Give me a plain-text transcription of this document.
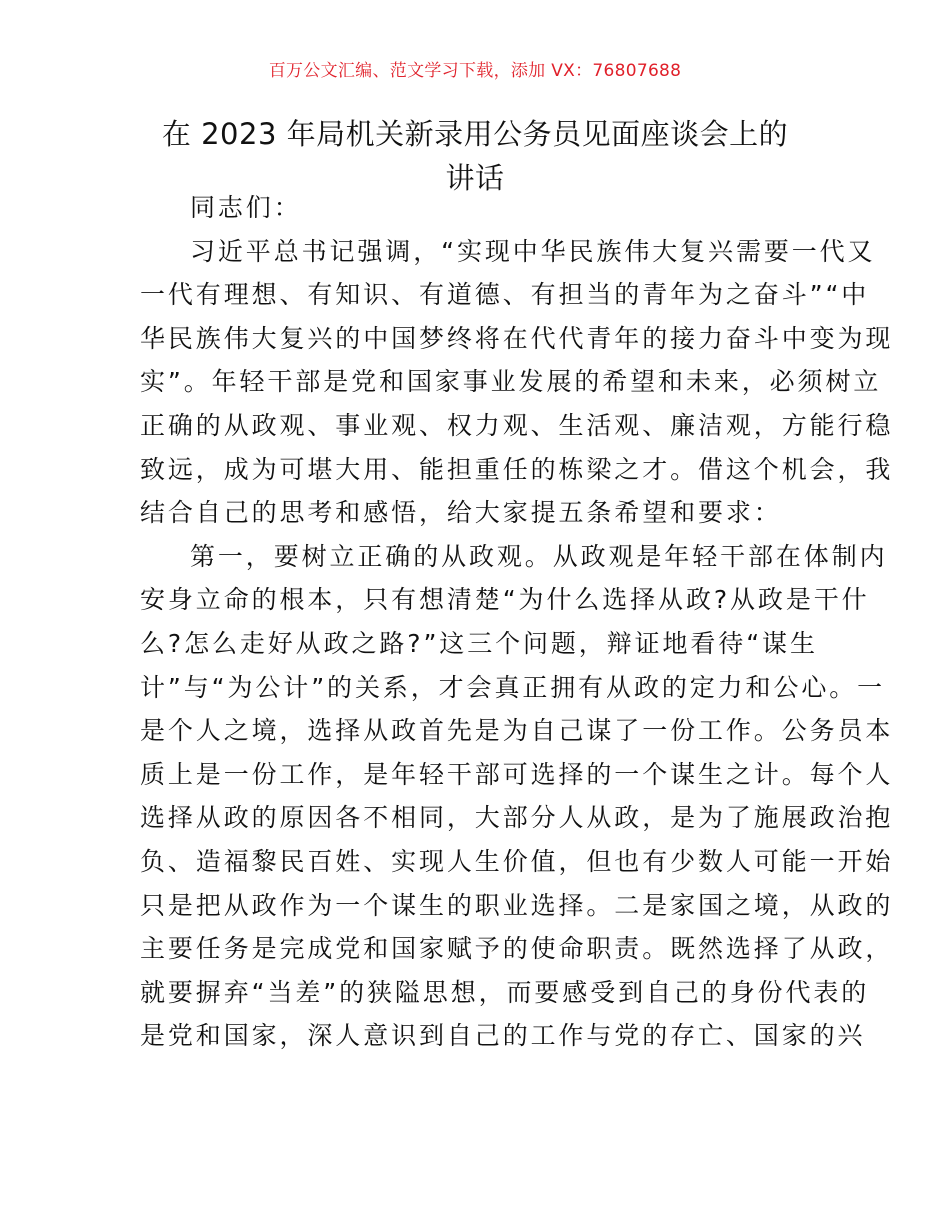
百万公文汇编、范文学习下载，添加 VX：76807688
在 2023 年局机关新录用公务员见面座谈会上的
讲话
同志们：
习近平总书记强调，“实现中华民族伟大复兴需要一代又
一代有理想、有知识、有道德、有担当的青年为之奋斗”“中
华民族伟大复兴的中国梦终将在代代青年的接力奋斗中变为现
实”。年轻干部是党和国家事业发展的希望和未来，必须树立
正确的从政观、事业观、权力观、生活观、廉洁观，方能行稳
致远，成为可堪大用、能担重任的栋梁之才。借这个机会，我
结合自己的思考和感悟，给大家提五条希望和要求：
第一，要树立正确的从政观。从政观是年轻干部在体制内
安身立命的根本，只有想清楚“为什么选择从政?从政是干什
么?怎么走好从政之路?”这三个问题，辩证地看待“谋生
计”与“为公计”的关系，才会真正拥有从政的定力和公心。一
是个人之境，选择从政首先是为自己谋了一份工作。公务员本
质上是一份工作，是年轻干部可选择的一个谋生之计。每个人
选择从政的原因各不相同，大部分人从政，是为了施展政治抱
负、造福黎民百姓、实现人生价值，但也有少数人可能一开始
只是把从政作为一个谋生的职业选择。二是家国之境，从政的
主要任务是完成党和国家赋予的使命职责。既然选择了从政，
就要摒弃“当差”的狭隘思想，而要感受到自己的身份代表的
是党和国家，深人意识到自己的工作与党的存亡、国家的兴
